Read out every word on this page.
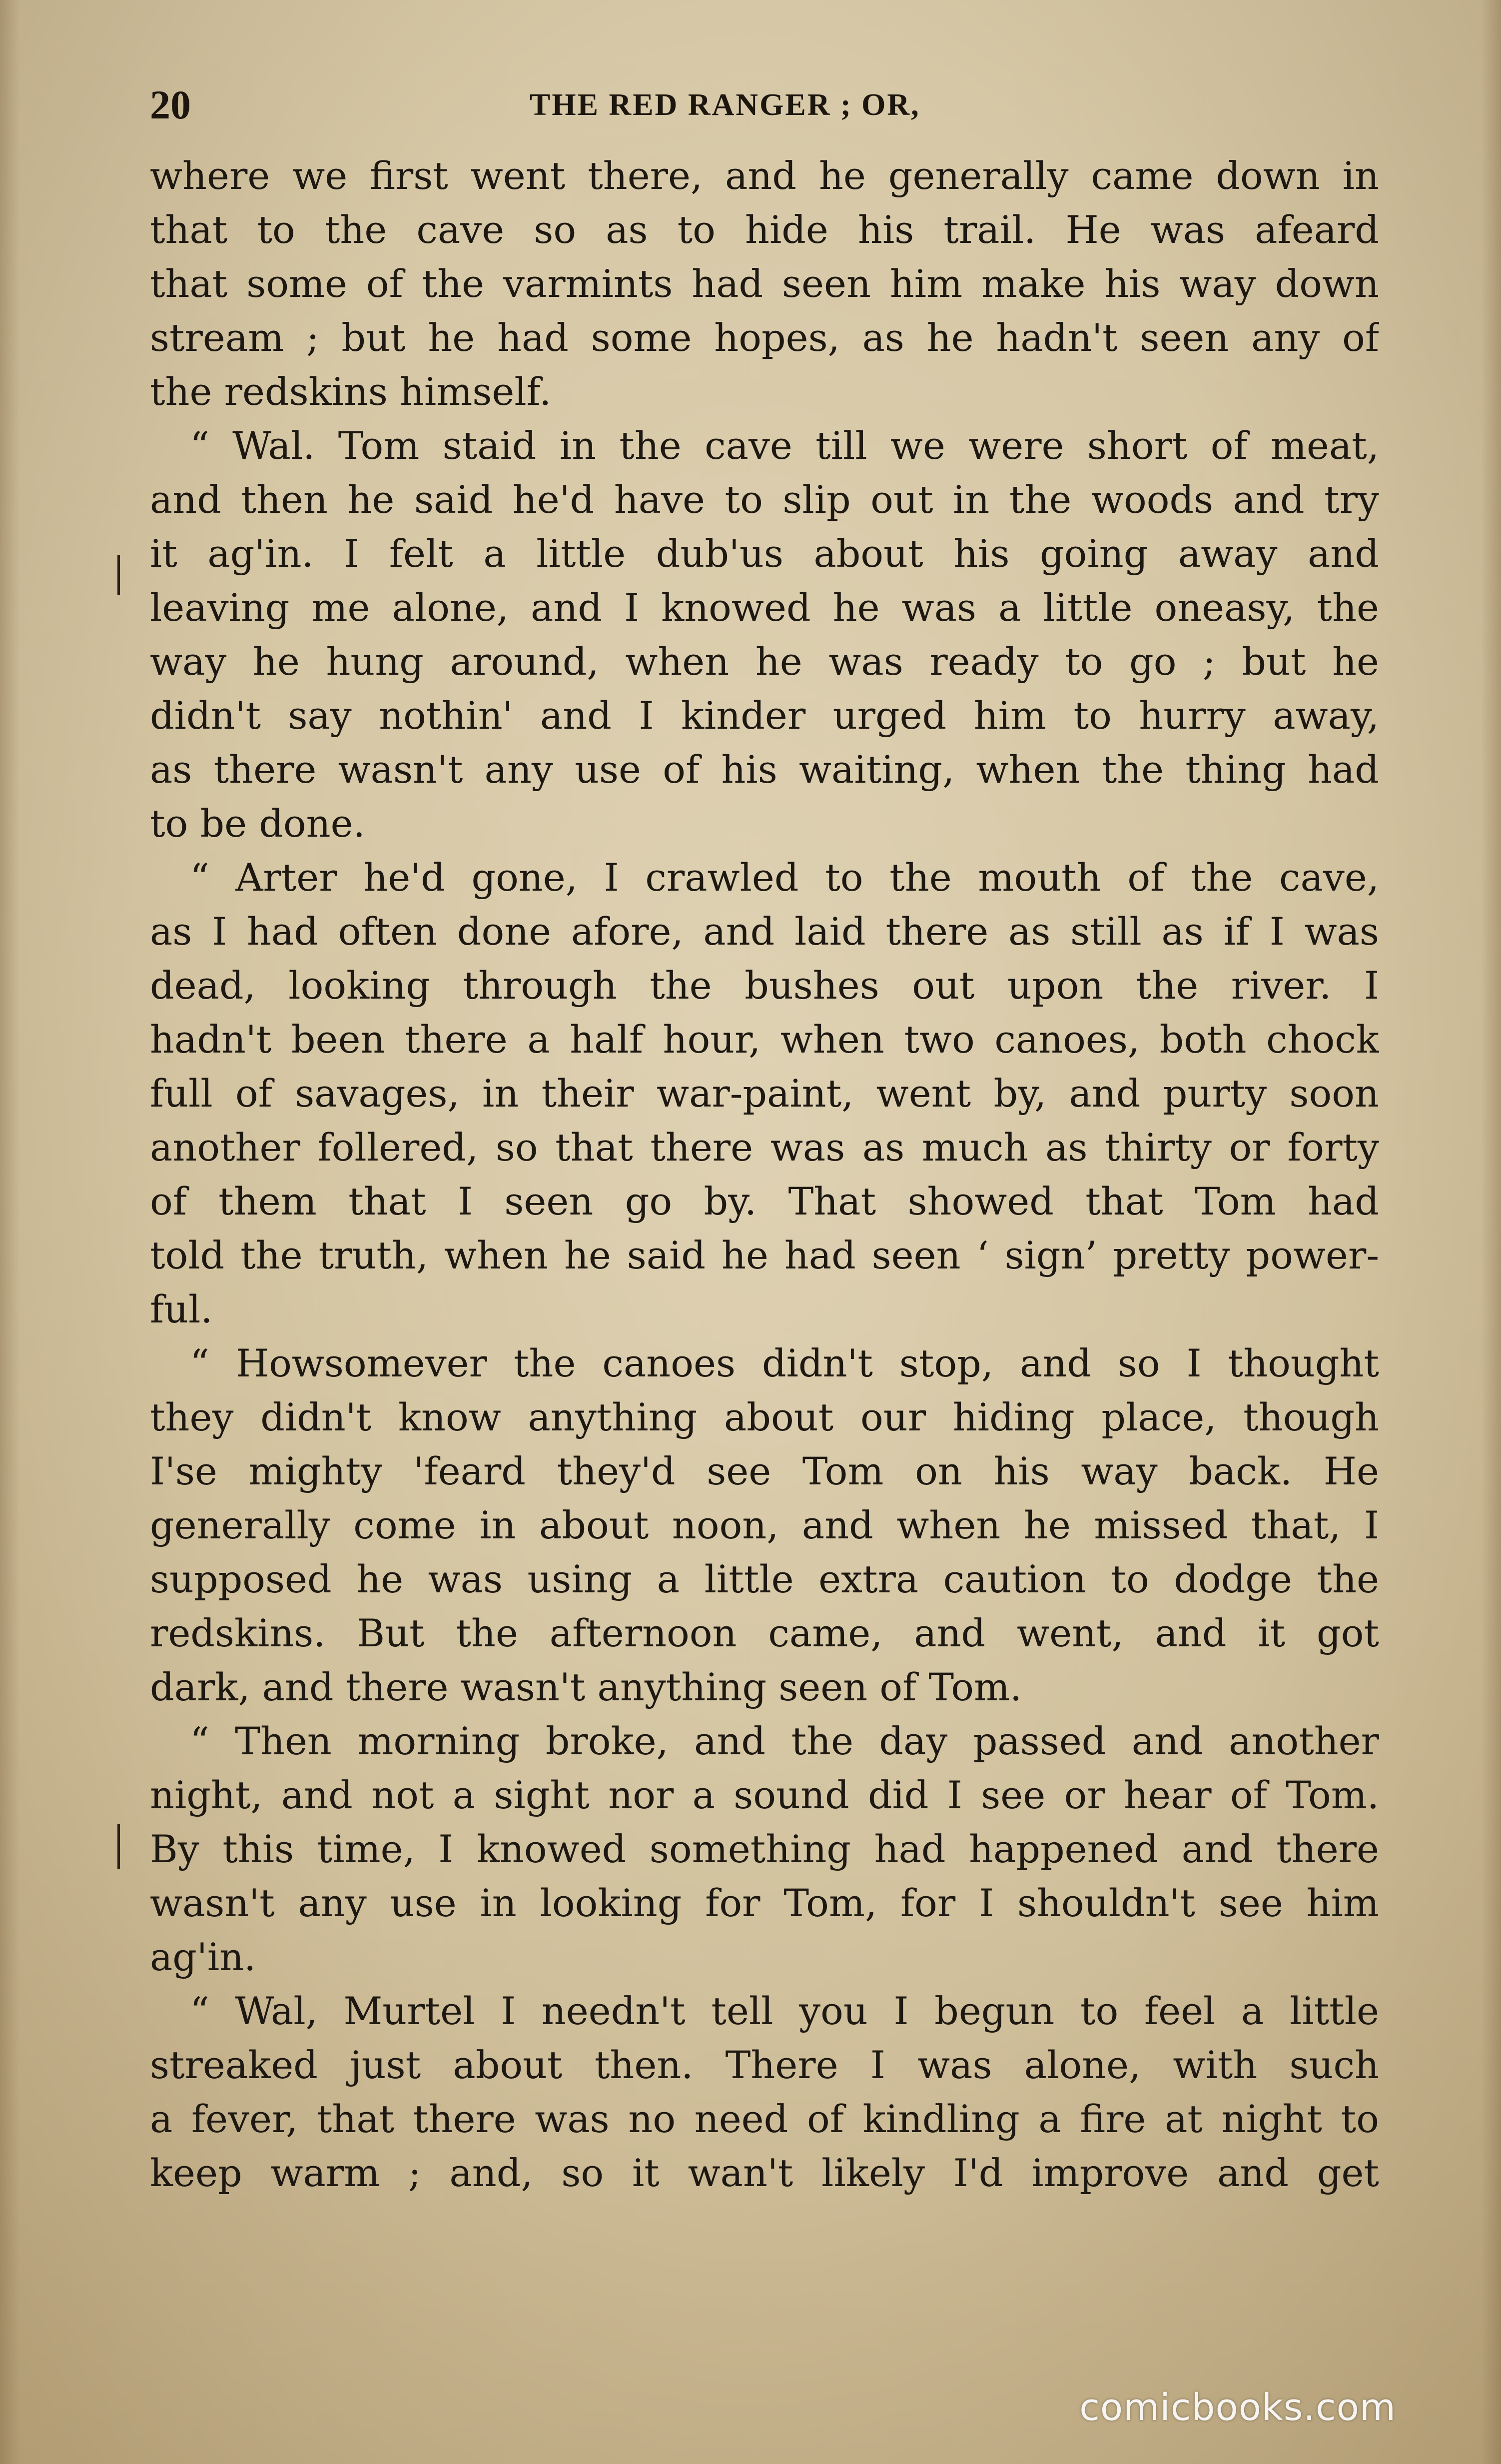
20	THE RED RANGER ; OR,
where we first went there, and he generally came down in
that to the cave so as to hide his trail. He was afeard
that some of the varmints had seen him make his way down
stream ; but he had some hopes, as he hadn't seen any of
the redskins himself.
“ Wal. Tom staid in the cave till we were short of meat,
and then he said he'd have to slip out in the woods and try
it ag'in. I felt a little dub'us about his going away and
leaving me alone, and I knowed he was a little oneasy, the
way he hung around, when he was ready to go ; but he
didn't say nothin' and I kinder urged him to hurry away,
as there wasn't any use of his waiting, when the thing had
to be done.
“ Arter he'd gone, I crawled to the mouth of the cave,
as I had often done afore, and laid there as still as if I was
dead, looking through the bushes out upon the river. I
hadn't been there a half hour, when two canoes, both chock
full of savages, in their war-paint, went by, and purty soon
another follered, so that there was as much as thirty or forty
of them that I seen go by. That showed that Tom had
told the truth, when he said he had seen ‘ sign’ pretty power-
ful.
“ Howsomever the canoes didn't stop, and so I thought
they didn't know anything about our hiding place, though
I'se mighty 'feard they'd see Tom on his way back. He
generally come in about noon, and when he missed that, I
supposed he was using a little extra caution to dodge the
redskins. But the afternoon came, and went, and it got
dark, and there wasn't anything seen of Tom.
“ Then morning broke, and the day passed and another
night, and not a sight nor a sound did I see or hear of Tom.
By this time, I knowed something had happened and there
wasn't any use in looking for Tom, for I shouldn't see him
ag'in.
“ Wal, Murtel I needn't tell you I begun to feel a little
streaked just about then. There I was alone, with such
a fever, that there was no need of kindling a fire at night to
keep warm ; and, so it wan't likely I'd improve and get
comicbooks.com
